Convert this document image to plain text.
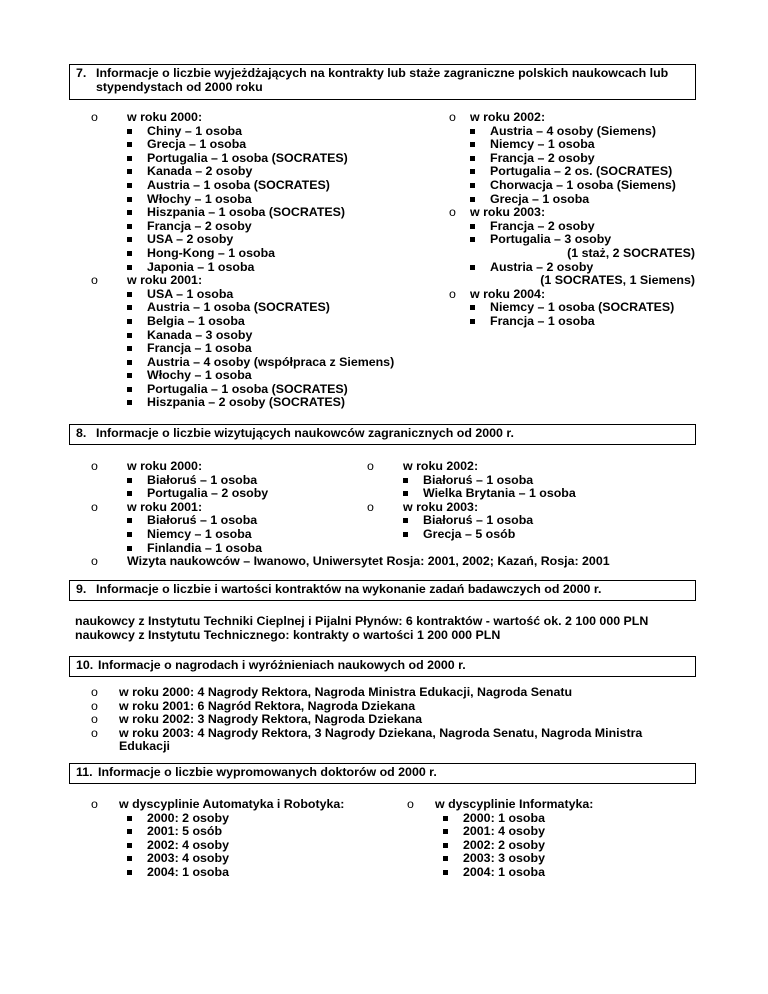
7. Informacje o liczbie wyjeżdżających na kontrakty lub staże zagraniczne polskich naukowcach lub stypendystach od 2000 roku
o
w roku 2000:
Chiny – 1 osoba
Grecja – 1 osoba
Portugalia – 1 osoba (SOCRATES)
Kanada – 2 osoby
Austria – 1 osoba (SOCRATES)
Włochy – 1 osoba
Hiszpania – 1 osoba (SOCRATES)
Francja – 2 osoby
USA – 2 osoby
Hong-Kong – 1 osoba
Japonia – 1 osoba
o
w roku 2001:
USA – 1 osoba
Austria – 1 osoba (SOCRATES)
Belgia – 1 osoba
Kanada – 3 osoby
Francja – 1 osoba
Austria – 4 osoby (współpraca z Siemens)
Włochy – 1 osoba
Portugalia – 1 osoba (SOCRATES)
Hiszpania – 2 osoby (SOCRATES)
o
w roku 2002:
Austria – 4 osoby (Siemens)
Niemcy – 1 osoba
Francja – 2 osoby
Portugalia – 2 os. (SOCRATES)
Chorwacja – 1 osoba (Siemens)
Grecja – 1 osoba
o
w roku 2003:
Francja – 2 osoby
Portugalia – 3 osoby
(1 staż, 2 SOCRATES)
Austria – 2 osoby
(1 SOCRATES, 1 Siemens)
o
w roku 2004:
Niemcy – 1 osoba (SOCRATES)
Francja – 1 osoba
8. Informacje o liczbie wizytujących naukowców zagranicznych od 2000 r.
o
w roku 2000:
Białoruś – 1 osoba
Portugalia – 2 osoby
o
w roku 2001:
Białoruś – 1 osoba
Niemcy – 1 osoba
Finlandia – 1 osoba
o
w roku 2002:
Białoruś – 1 osoba
Wielka Brytania – 1 osoba
o
w roku 2003:
Białoruś – 1 osoba
Grecja – 5 osób
o
Wizyta naukowców – Iwanowo, Uniwersytet Rosja: 2001, 2002; Kazań, Rosja: 2001
9. Informacje o liczbie i wartości kontraktów na wykonanie zadań badawczych od 2000 r.
naukowcy z Instytutu Techniki Cieplnej i Pijalni Płynów: 6 kontraktów - wartość ok. 2 100 000 PLN
naukowcy z Instytutu Technicznego: kontrakty o wartości 1 200 000 PLN
10. Informacje o nagrodach i wyróżnieniach naukowych od 2000 r.
o
w roku 2000: 4 Nagrody Rektora, Nagroda Ministra Edukacji, Nagroda Senatu
o
w roku 2001: 6 Nagród Rektora, Nagroda Dziekana
o
w roku 2002: 3 Nagrody Rektora, Nagroda Dziekana
o
w roku 2003: 4 Nagrody Rektora, 3 Nagrody Dziekana, Nagroda Senatu, Nagroda Ministra
Edukacji
11. Informacje o liczbie wypromowanych doktorów od 2000 r.
o
w dyscyplinie Automatyka i Robotyka:
2000: 2 osoby
2001: 5 osób
2002: 4 osoby
2003: 4 osoby
2004: 1 osoba
o
w dyscyplinie Informatyka:
2000: 1 osoba
2001: 4 osoby
2002: 2 osoby
2003: 3 osoby
2004: 1 osoba
